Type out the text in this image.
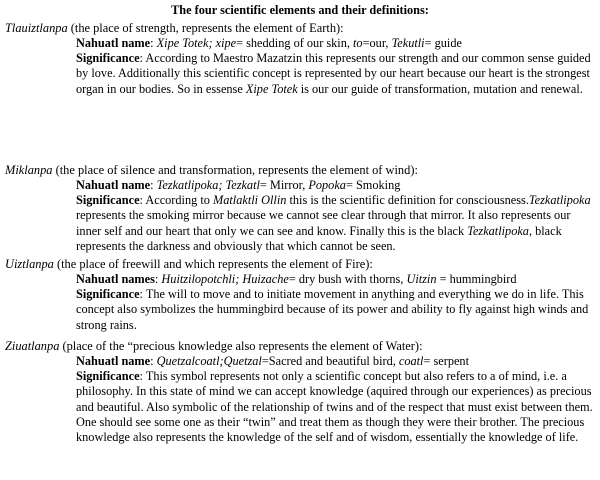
The four scientific elements and their definitions:
Tlauiztlanpa (the place of strength, represents the element of Earth):

Nahuatl name: Xipe Totek; xipe= shedding of our skin, to=our, Tekutli= guide

Significance: According to Maestro Mazatzin this represents our strength and our common sense guided by love. Additionally this scientific concept is represented by our heart because our heart is the strongest organ in our bodies. So in essense Xipe Totek is our our guide of transformation, mutation and renewal.

Miklanpa (the place of silence and transformation, represents the element of wind):

Nahuatl name: Tezkatlipoka; Tezkatl= Mirror, Popoka= Smoking

Significance: According to Matlaktli Ollin this is the scientific definition for consciousness.Tezkatlipoka represents the smoking mirror because we cannot see clear through that mirror. It also represents our inner self and our heart that only we can see and know. Finally this is the black Tezkatlipoka, black represents the darkness and obviously that which cannot be seen.

Uiztlanpa (the place of freewill and which represents the element of Fire):

Nahuatl names: Huitzilopotchli; Huizache= dry bush with thorns, Uitzin = hummingbird

Significance: The will to move and to initiate movement in anything and everything we do in life. This concept also symbolizes the hummingbird because of its power and ability to fly against high winds and strong rains.

Ziuatlanpa (place of the “precious knowledge also represents the element of Water):

Nahuatl name: Quetzalcoatl;Quetzal=Sacred and beautiful bird, coatl= serpent

Significance: This symbol represents not only a scientific concept but also refers to a of mind, i.e. a philosophy. In this state of mind we can accept knowledge (aquired through our experiences) as precious and beautiful. Also symbolic of the relationship of twins and of the respect that must exist between them. One should see some one as their “twin” and treat them as though they were their brother. The precious knowledge also represents the knowledge of the self and of wisdom, essentially the knowledge of life.
